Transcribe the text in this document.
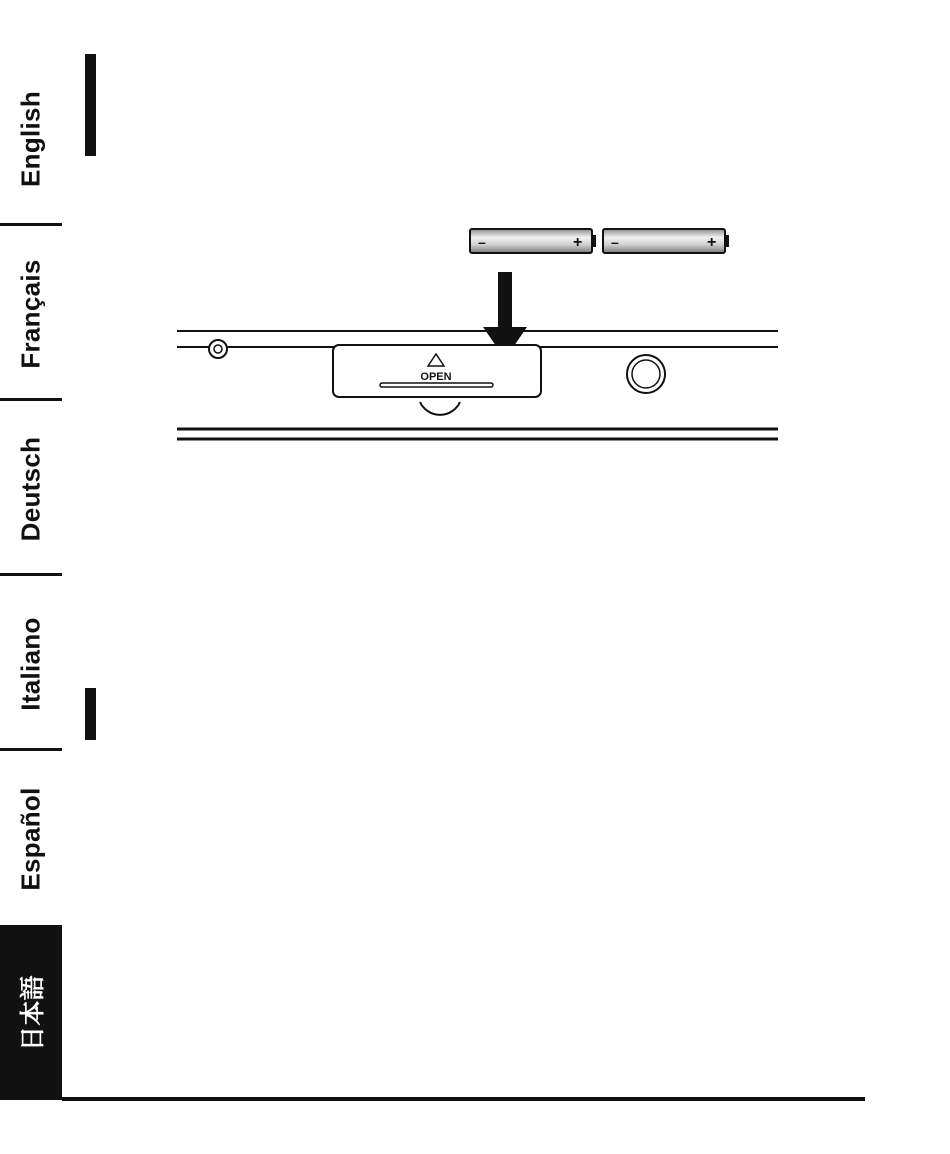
English
Français
Deutsch
Italiano
Español
日本語
–	+ –	+
OPEN
